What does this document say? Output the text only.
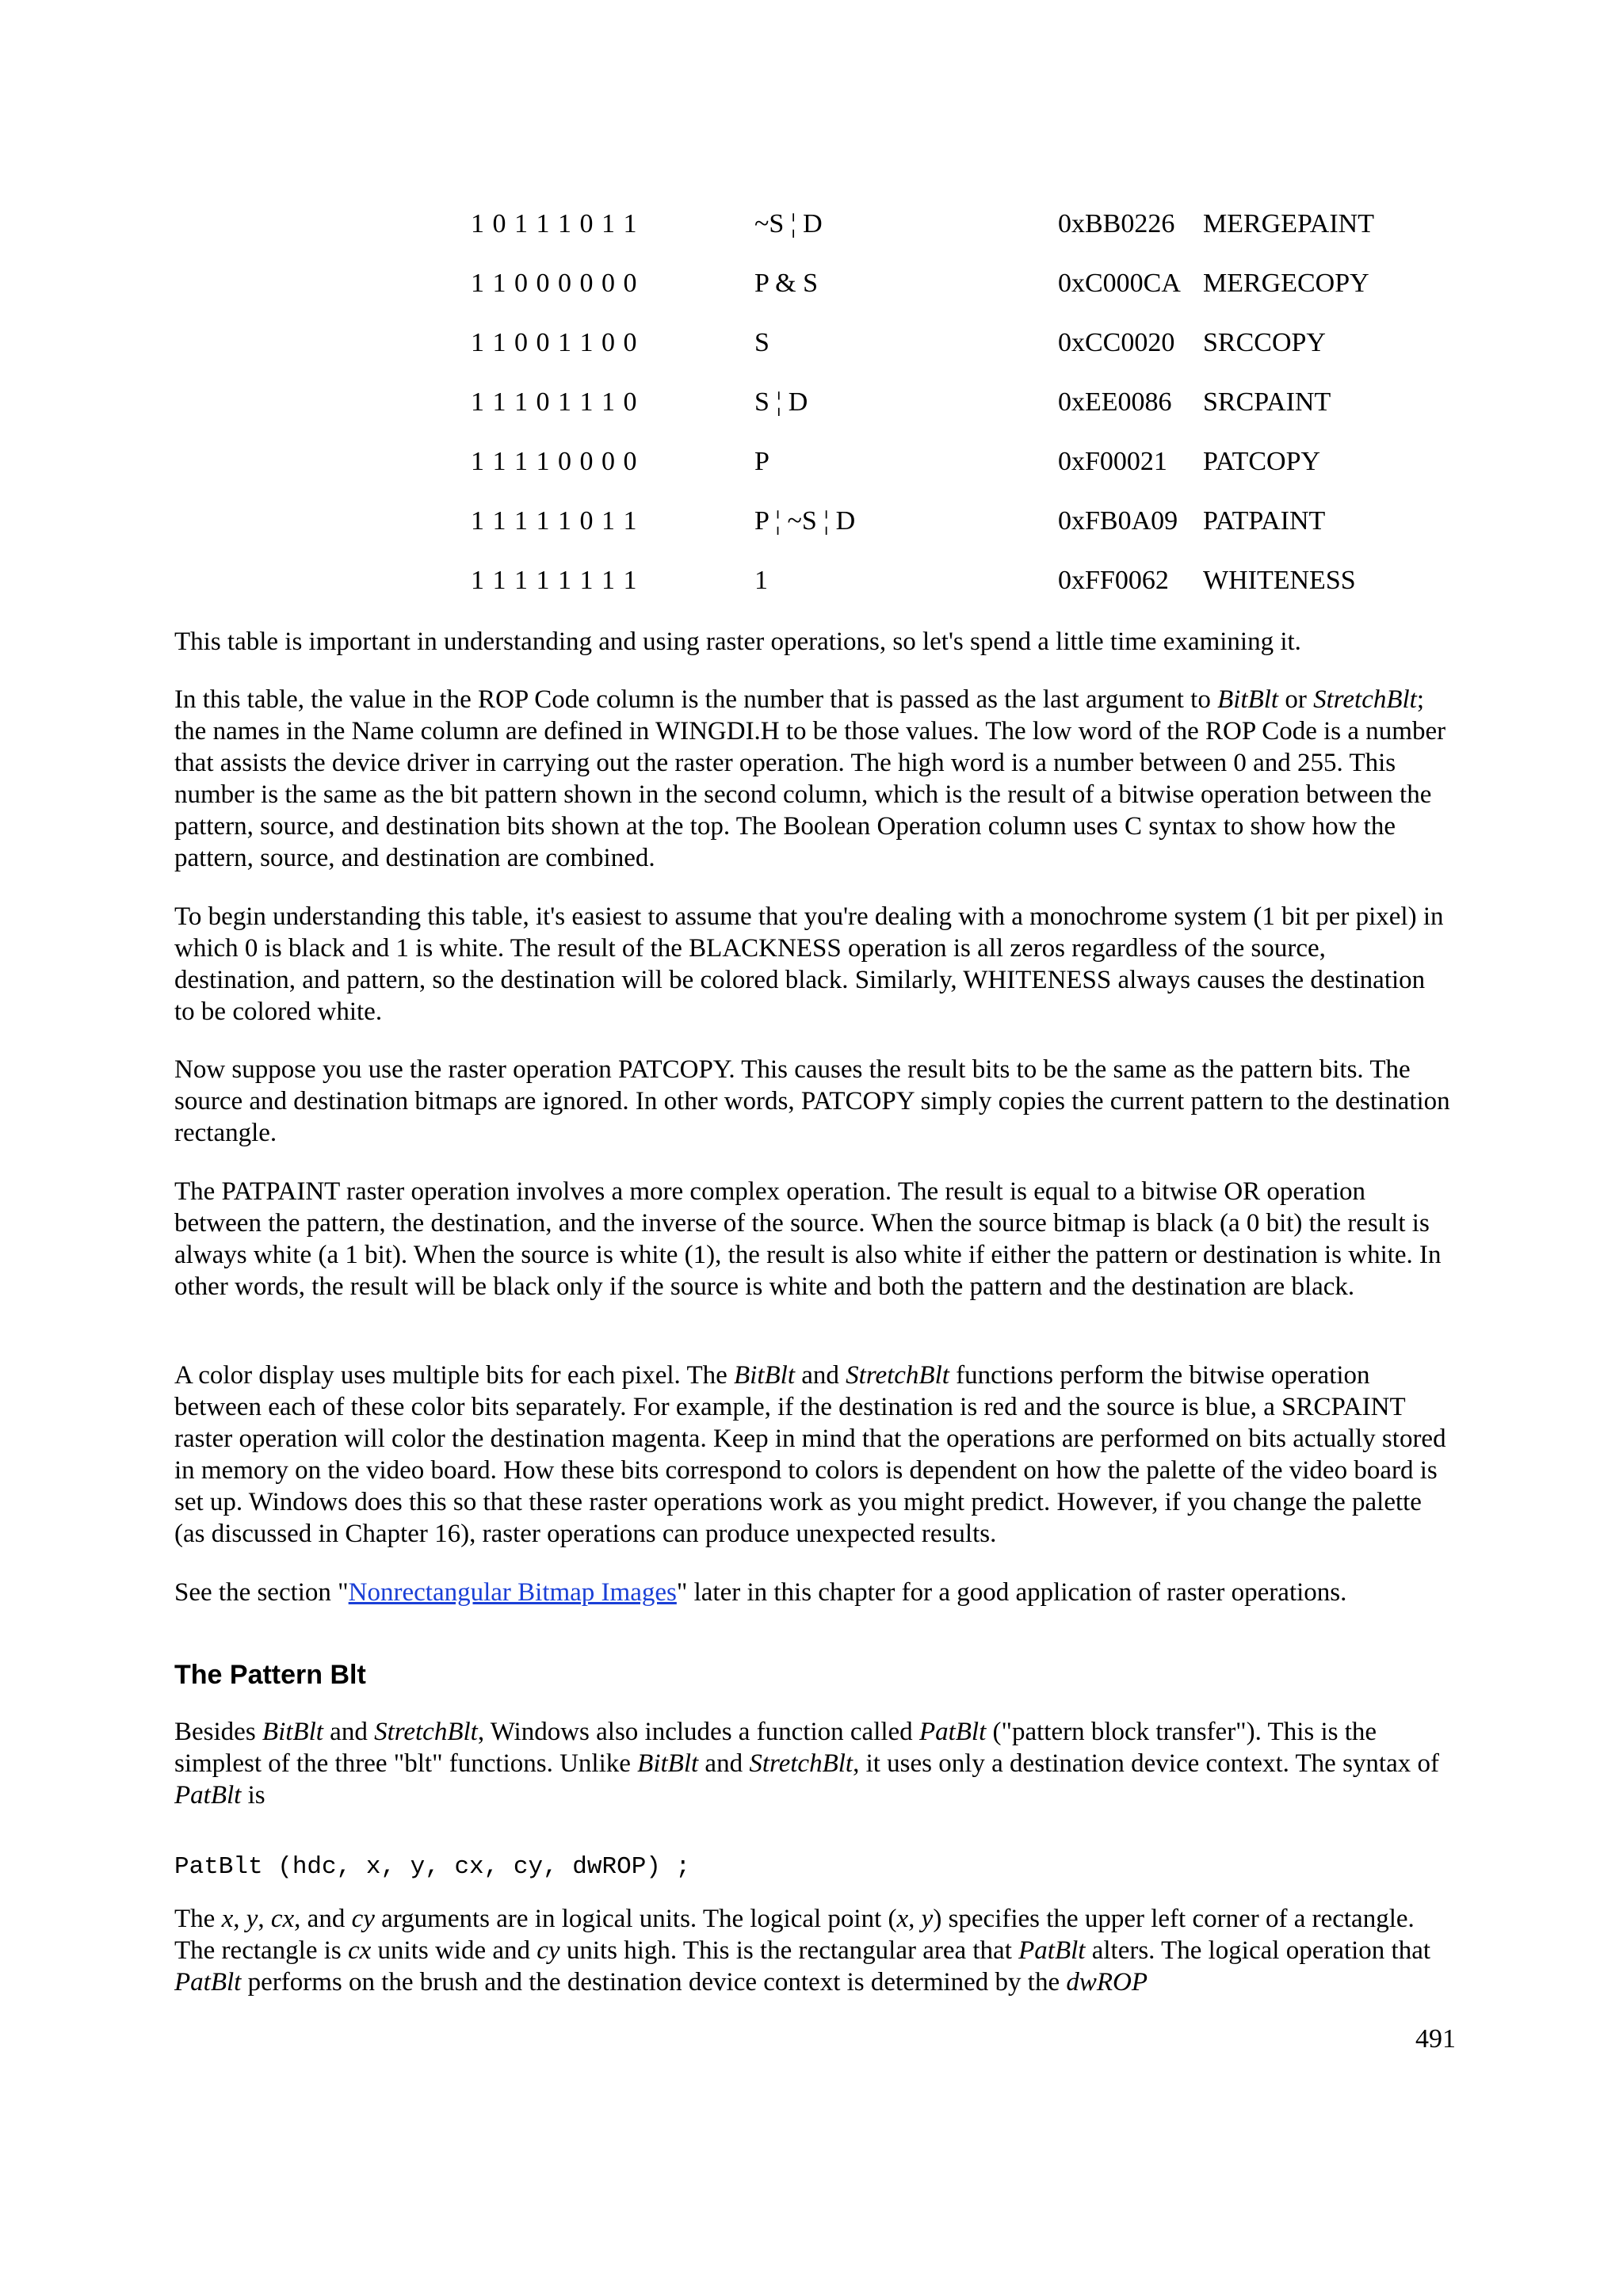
1 0 1 1 1 0 1 1	~S ¦ D	0xBB0226 MERGEPAINT
1 1 0 0 0 0 0 0	P & S	0xC000CA MERGECOPY
1 1 0 0 1 1 0 0	S	0xCC0020 SRCCOPY
1 1 1 0 1 1 1 0	S ¦ D	0xEE0086 SRCPAINT
1 1 1 1 0 0 0 0	P	0xF00021 PATCOPY
1 1 1 1 1 0 1 1	P ¦ ~S ¦ D	0xFB0A09 PATPAINT
1 1 1 1 1 1 1 1	1	0xFF0062 WHITENESS

This table is important in understanding and using raster operations, so let's spend a little time examining it.

In this table, the value in the ROP Code column is the number that is passed as the last argument to BitBlt or StretchBlt; the names in the Name column are defined in WINGDI.H to be those values. The low word of the ROP Code is a number that assists the device driver in carrying out the raster operation. The high word is a number between 0 and 255. This number is the same as the bit pattern shown in the second column, which is the result of a bitwise operation between the pattern, source, and destination bits shown at the top. The Boolean Operation column uses C syntax to show how the pattern, source, and destination are combined.

To begin understanding this table, it's easiest to assume that you're dealing with a monochrome system (1 bit per pixel) in which 0 is black and 1 is white. The result of the BLACKNESS operation is all zeros regardless of the source, destination, and pattern, so the destination will be colored black. Similarly, WHITENESS always causes the destination to be colored white.

Now suppose you use the raster operation PATCOPY. This causes the result bits to be the same as the pattern bits. The source and destination bitmaps are ignored. In other words, PATCOPY simply copies the current pattern to the destination rectangle.

The PATPAINT raster operation involves a more complex operation. The result is equal to a bitwise OR operation between the pattern, the destination, and the inverse of the source. When the source bitmap is black (a 0 bit) the result is always white (a 1 bit). When the source is white (1), the result is also white if either the pattern or destination is white. In other words, the result will be black only if the source is white and both the pattern and the destination are black.

A color display uses multiple bits for each pixel. The BitBlt and StretchBlt functions perform the bitwise operation between each of these color bits separately. For example, if the destination is red and the source is blue, a SRCPAINT raster operation will color the destination magenta. Keep in mind that the operations are performed on bits actually stored in memory on the video board. How these bits correspond to colors is dependent on how the palette of the video board is set up. Windows does this so that these raster operations work as you might predict. However, if you change the palette (as discussed in Chapter 16), raster operations can produce unexpected results.

See the section "Nonrectangular Bitmap Images" later in this chapter for a good application of raster operations.

The Pattern Blt

Besides BitBlt and StretchBlt, Windows also includes a function called PatBlt ("pattern block transfer"). This is the simplest of the three "blt" functions. Unlike BitBlt and StretchBlt, it uses only a destination device context. The syntax of PatBlt is

PatBlt (hdc, x, y, cx, cy, dwROP) ;

The x, y, cx, and cy arguments are in logical units. The logical point (x, y) specifies the upper left corner of a rectangle. The rectangle is cx units wide and cy units high. This is the rectangular area that PatBlt alters. The logical operation that PatBlt performs on the brush and the destination device context is determined by the dwROP

491
